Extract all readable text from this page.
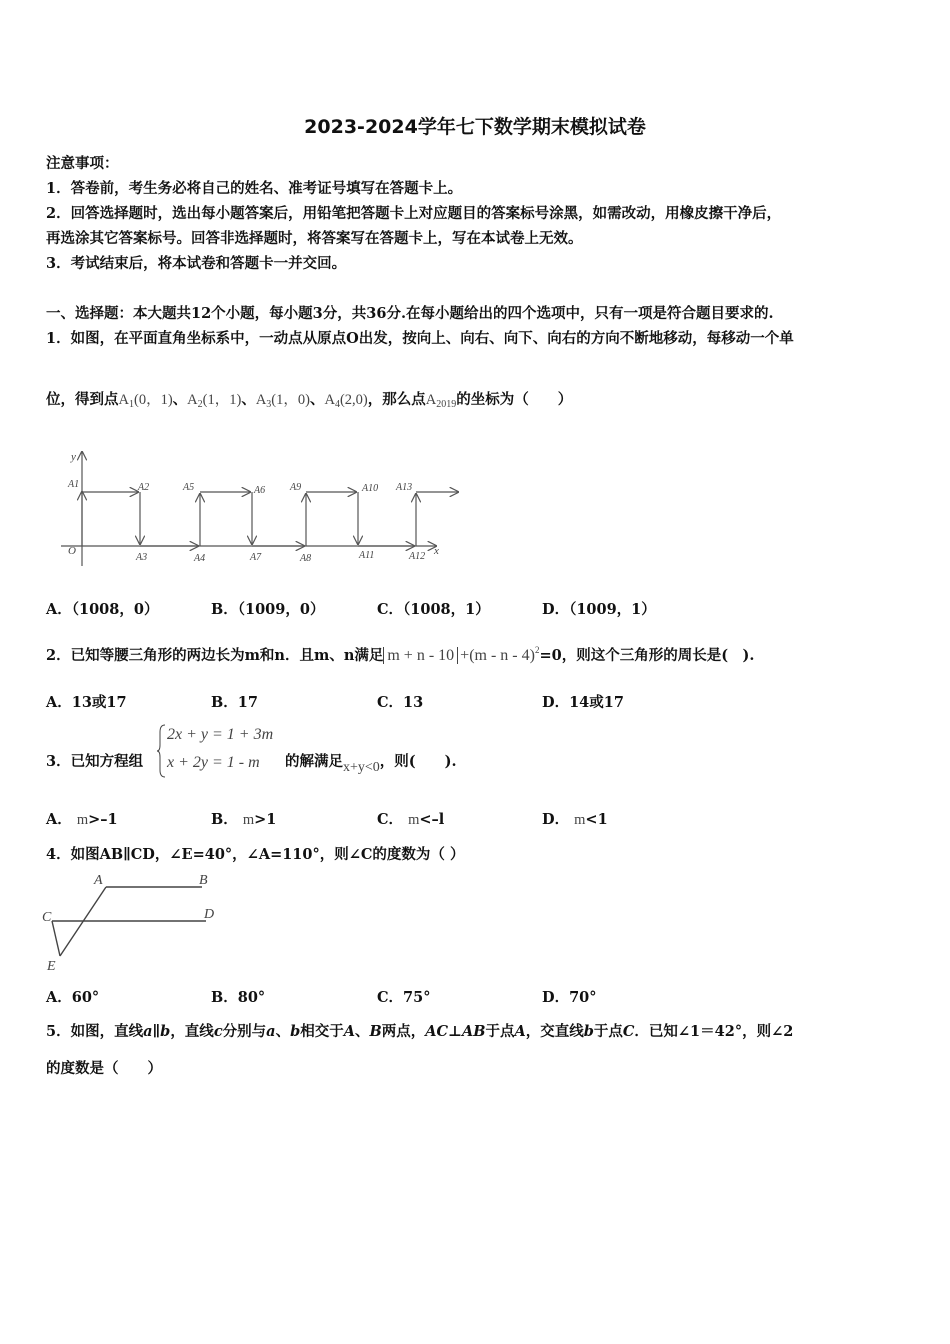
2023-2024学年七下数学期末模拟试卷
注意事项：
1．答卷前，考生务必将自己的姓名、准考证号填写在答题卡上。
2．回答选择题时，选出每小题答案后，用铅笔把答题卡上对应题目的答案标号涂黑，如需改动，用橡皮擦干净后，
再选涂其它答案标号。回答非选择题时，将答案写在答题卡上，写在本试卷上无效。
3．考试结束后，将本试卷和答题卡一并交回。
一、选择题：本大题共12个小题，每小题3分，共36分.在每小题给出的四个选项中，只有一项是符合题目要求的.
1．如图，在平面直角坐标系中，一动点从原点O出发，按向上、向右、向下、向右的方向不断地移动，每移动一个单
位，得到点$A_1(0$，1)、$A_2(1$，1)、$A_3(1$，0)、$A_4(2,0)$，那么点$A_{2019}$的坐标为（　　）
y
x
O
A1	A2	A5	A6 A9	A10 A13
A3	A4	A7	A8	A11	A12
A．（1008，0）	B．（1009，0）	C．（1008，1）	D．（1009，1）
2．已知等腰三角形的两边长为m和n．且m、n满足 m + n - 10 +(m - n - 4)$^2$=0，则这个三角形的周长是(　).
A．13或17	B．17	C．13	D．14或17
3．已知方程组
2x + y = 1 + 3m
x + 2y = 1 - m 的解满足x+y<0，则(　　).
A． m>–1	B． m>1	C． m<–l	D． m<1
4．如图AB∥CD，∠E=40°，∠A=110°，则∠C的度数为（ ）
A	B
C	D
E
A．60°	B．80°	C．75°	D．70°
5．如图，直线a∥b，直线c分别与a、b相交于A、B两点，AC⊥AB于点A，交直线b于点C．已知∠1＝42°，则∠2
的度数是（　　）
